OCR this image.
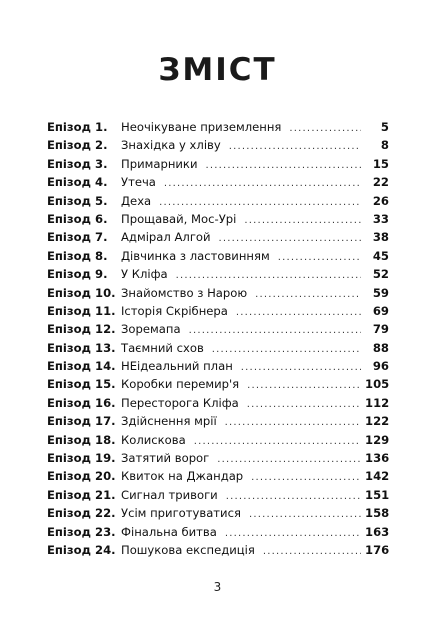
ЗМІСТ
Епізод 1.	Неочікуване приземлення .....	5
Епізод 2.	Знахідка у хліву .....	8
Епізод 3.	Примарники .....	15
Епізод 4.	Утеча .....	22
Епізод 5.	Деха .....	26
Епізод 6.	Прощавай, Мос-Урі .....	33
Епізод 7.	Адмірал Алгой .....	38
Епізод 8.	Дівчинка з ластовинням .....	45
Епізод 9.	У Кліфа .....	52
Епізод 10. Знайомство з Нарою .....	59
Епізод 11. Історія Скрібнера .....	69
Епізод 12. Зоремапа .....	79
Епізод 13. Таємний схов .....	88
Епізод 14. НЕідеальний план .....	96
Епізод 15. Коробки перемир'я .....	105
Епізод 16. Пересторога Кліфа .....	112
Епізод 17. Здійснення мрії .....	122
Епізод 18. Колискова .....	129
Епізод 19. Затятий ворог .....	136
Епізод 20. Квиток на Джандар .....	142
Епізод 21. Сигнал тривоги .....	151
Епізод 22. Усім приготуватися .....	158
Епізод 23. Фінальна битва .....	163
Епізод 24. Пошукова експедиція .....	176
3
